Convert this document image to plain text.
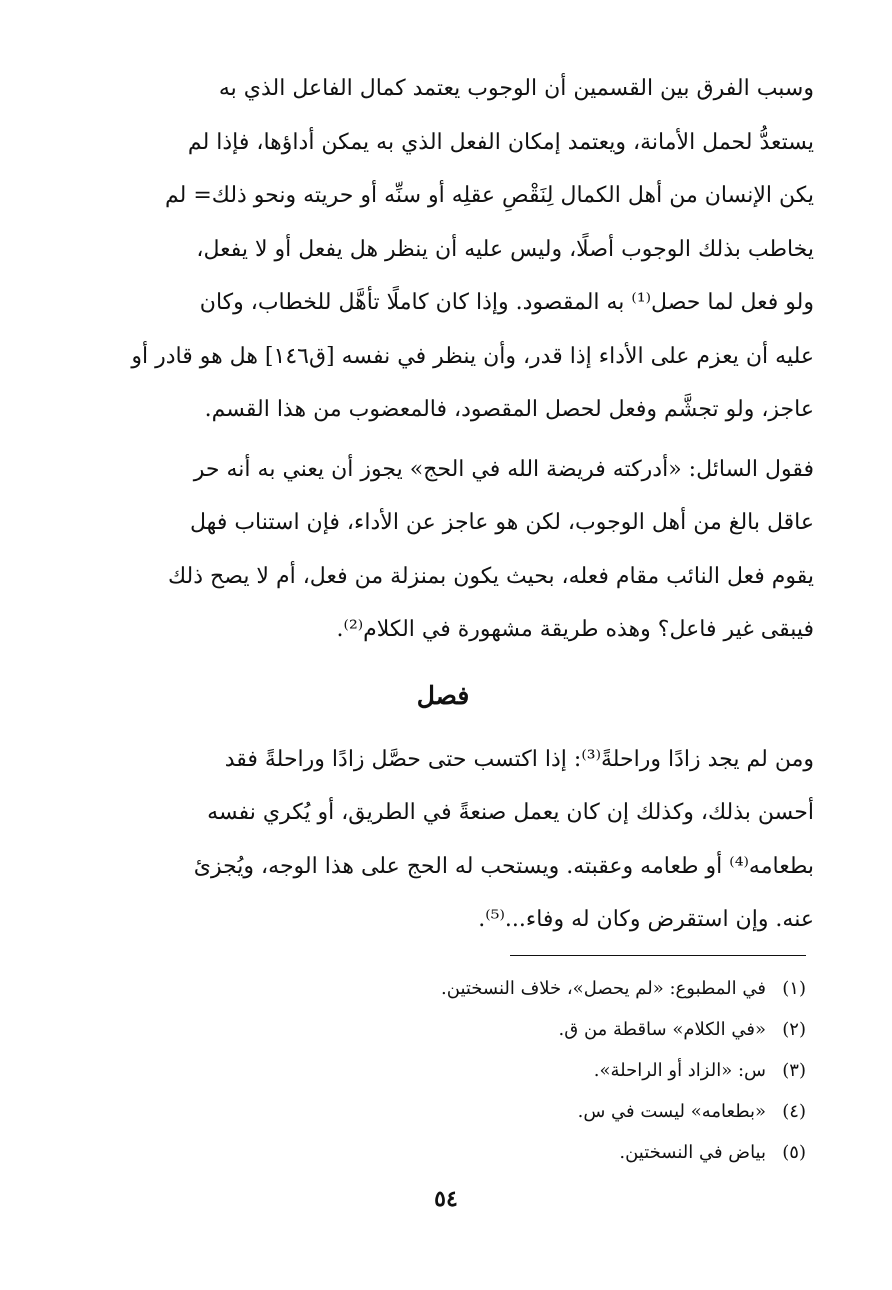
وسبب الفرق بين القسمين أن الوجوب يعتمد كمال الفاعل الذي به

يستعدُّ لحمل الأمانة، ويعتمد إمكان الفعل الذي به يمكن أداؤها، فإذا لم

يكن الإنسان من أهل الكمال لِنَقْصِ عقلِه أو سنِّه أو حريته ونحو ذلك= لم

يخاطب بذلك الوجوب أصلًا، وليس عليه أن ينظر هل يفعل أو لا يفعل،

ولو فعل لما حصل⁽¹⁾ به المقصود. وإذا كان كاملًا تأهَّل للخطاب، وكان

عليه أن يعزم على الأداء إذا قدر، وأن ينظر في نفسه [ق١٤٦] هل هو قادر أو

عاجز، ولو تجشَّم وفعل لحصل المقصود، فالمعضوب من هذا القسم.

فقول السائل: «أدركته فريضة الله في الحج» يجوز أن يعني به أنه حر

عاقل بالغ من أهل الوجوب، لكن هو عاجز عن الأداء، فإن استناب فهل

يقوم فعل النائب مقام فعله، بحيث يكون بمنزلة من فعل، أم لا يصح ذلك

فيبقى غير فاعل؟ وهذه طريقة مشهورة في الكلام⁽²⁾.

فصل

ومن لم يجد زادًا وراحلةً⁽³⁾: إذا اكتسب حتى حصَّل زادًا وراحلةً فقد

أحسن بذلك، وكذلك إن كان يعمل صنعةً في الطريق، أو يُكري نفسه

بطعامه⁽⁴⁾ أو طعامه وعقبته. ويستحب له الحج على هذا الوجه، ويُجزئ

عنه. وإن استقرض وكان له وفاء...⁽⁵⁾.

(١)
في المطبوع: «لم يحصل»، خلاف النسختين.
(٢)
«في الكلام» ساقطة من ق.
(٣)
س: «الزاد أو الراحلة».
(٤)
«بطعامه» ليست في س.
(٥)
بياض في النسختين.
٥٤
